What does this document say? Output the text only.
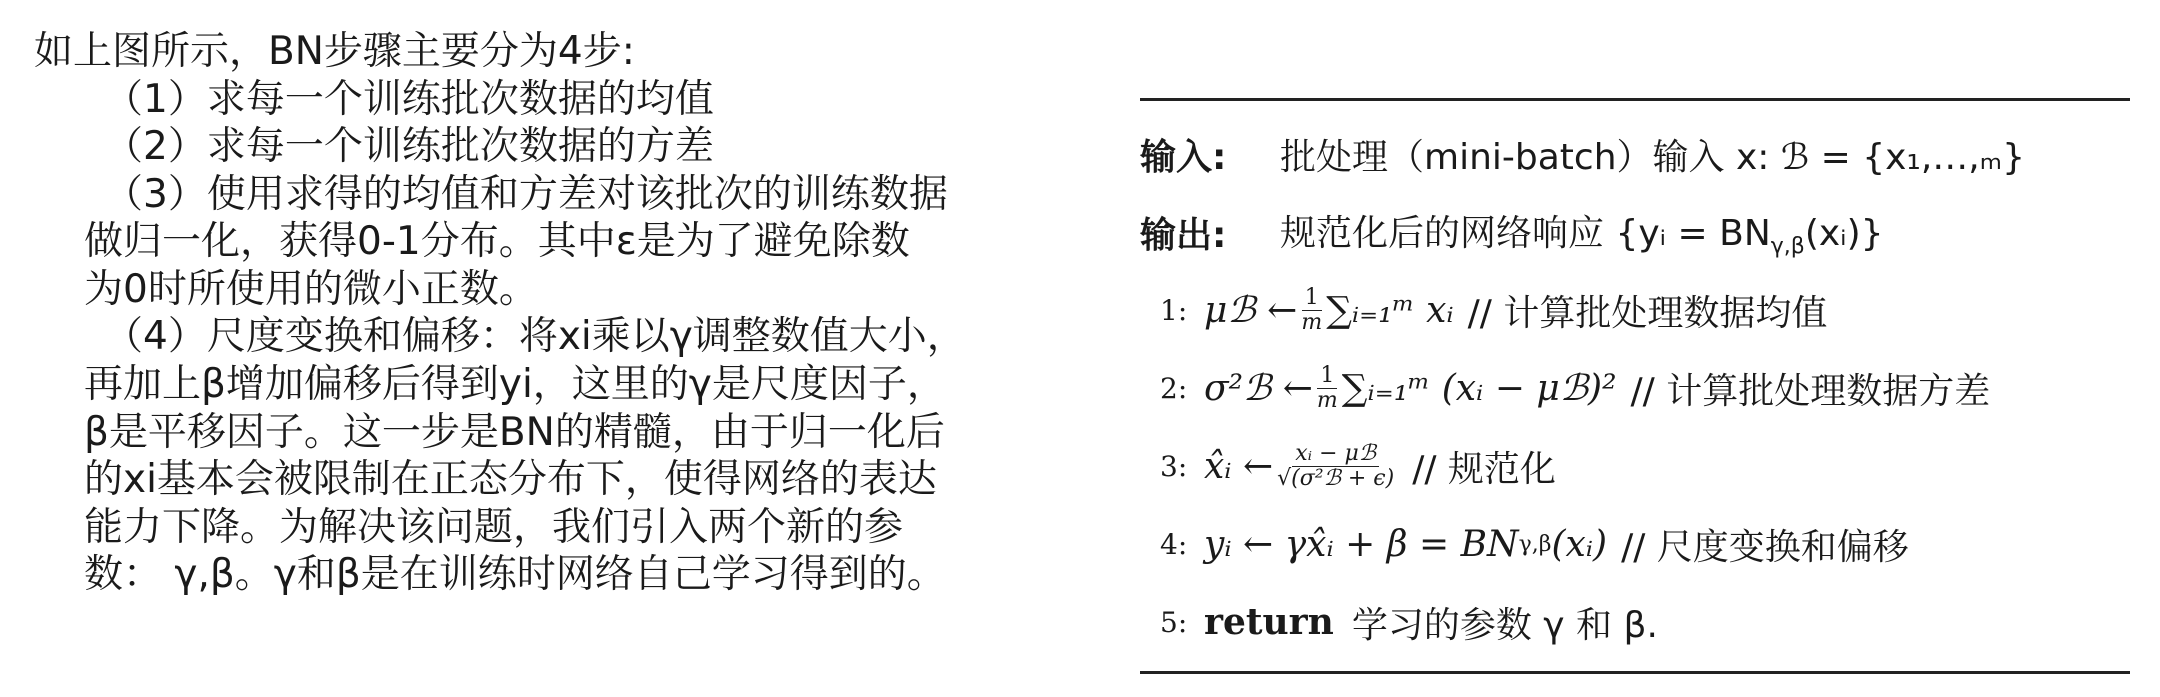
如上图所示，BN步骤主要分为4步:

（1）求每一个训练批次数据的均值

（2）求每一个训练批次数据的方差

（3）使用求得的均值和方差对该批次的训练数据
做归一化，获得0-1分布。其中ε是为了避免除数
为0时所使用的微小正数。
（4）尺度变换和偏移：将xi乘以γ调整数值大小，
再加上β增加偏移后得到yi，这里的γ是尺度因子，
β是平移因子。这一步是BN的精髓，由于归一化后
的xi基本会被限制在正态分布下，使得网络的表达
能力下降。为解决该问题，我们引入两个新的参
数： γ,β。γ和β是在训练时网络自己学习得到的。
输入:	批处理（mini-batch）输入 x: ℬ = {x₁,…,ₘ}
输出:	规范化后的网络响应 {yᵢ = $BN_{\gamma,\beta}(xᵢ)$}
1: μℬ ← $\frac{1}{m}$ ∑ᵢ₌₁ᵐ xᵢ // 计算批处理数据均值
2: σ²ℬ ← $\frac{1}{m}$ ∑ᵢ₌₁ᵐ (xᵢ − μℬ)² // 计算批处理数据方差
3: x̂ᵢ ← $\frac{\text{xᵢ − μℬ}}{\text{√(σ²ℬ + ϵ)}}$ // 规范化
4: yᵢ ← γx̂ᵢ + β = BN γ,β (xᵢ) // 尺度变换和偏移
5: return 学习的参数 γ 和 β.
